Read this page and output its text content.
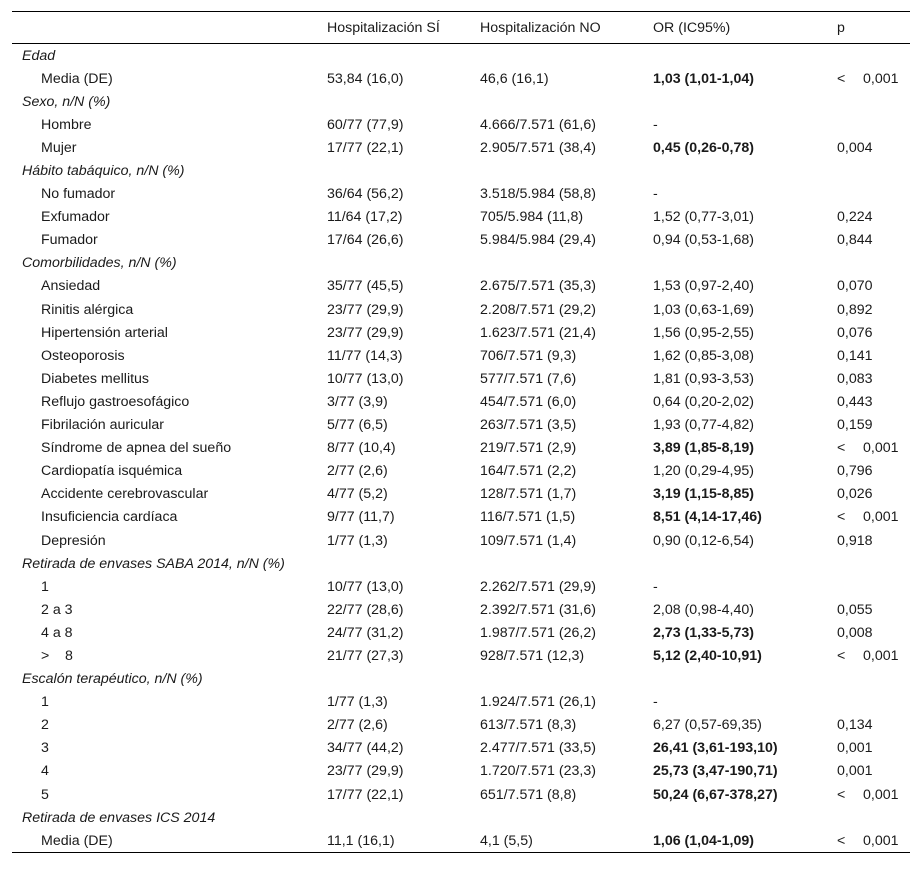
	Hospitalización SÍ	Hospitalización NO	OR (IC95%)	p
Edad				
Media (DE)	53,84 (16,0)	46,6 (16,1)	1,03 (1,01-1,04)	< 0,001
Sexo, n/N (%)				
Hombre	60/77 (77,9)	4.666/7.571 (61,6)	-	
Mujer	17/77 (22,1)	2.905/7.571 (38,4)	0,45 (0,26-0,78)	0,004
Hábito tabáquico, n/N (%)				
No fumador	36/64 (56,2)	3.518/5.984 (58,8)	-	
Exfumador	11/64 (17,2)	705/5.984 (11,8)	1,52 (0,77-3,01)	0,224
Fumador	17/64 (26,6)	5.984/5.984 (29,4)	0,94 (0,53-1,68)	0,844
Comorbilidades, n/N (%)				
Ansiedad	35/77 (45,5)	2.675/7.571 (35,3)	1,53 (0,97-2,40)	0,070
Rinitis alérgica	23/77 (29,9)	2.208/7.571 (29,2)	1,03 (0,63-1,69)	0,892
Hipertensión arterial	23/77 (29,9)	1.623/7.571 (21,4)	1,56 (0,95-2,55)	0,076
Osteoporosis	11/77 (14,3)	706/7.571 (9,3)	1,62 (0,85-3,08)	0,141
Diabetes mellitus	10/77 (13,0)	577/7.571 (7,6)	1,81 (0,93-3,53)	0,083
Reflujo gastroesofágico	3/77 (3,9)	454/7.571 (6,0)	0,64 (0,20-2,02)	0,443
Fibrilación auricular	5/77 (6,5)	263/7.571 (3,5)	1,93 (0,77-4,82)	0,159
Síndrome de apnea del sueño	8/77 (10,4)	219/7.571 (2,9)	3,89 (1,85-8,19)	< 0,001
Cardiopatía isquémica	2/77 (2,6)	164/7.571 (2,2)	1,20 (0,29-4,95)	0,796
Accidente cerebrovascular	4/77 (5,2)	128/7.571 (1,7)	3,19 (1,15-8,85)	0,026
Insuficiencia cardíaca	9/77 (11,7)	116/7.571 (1,5)	8,51 (4,14-17,46)	< 0,001
Depresión	1/77 (1,3)	109/7.571 (1,4)	0,90 (0,12-6,54)	0,918
Retirada de envases SABA 2014, n/N (%)				
1	10/77 (13,0)	2.262/7.571 (29,9)	-	
2 a 3	22/77 (28,6)	2.392/7.571 (31,6)	2,08 (0,98-4,40)	0,055
4 a 8	24/77 (31,2)	1.987/7.571 (26,2)	2,73 (1,33-5,73)	0,008
>    8	21/77 (27,3)	928/7.571 (12,3)	5,12 (2,40-10,91)	< 0,001
Escalón terapéutico, n/N (%)				
1	1/77 (1,3)	1.924/7.571 (26,1)	-	
2	2/77 (2,6)	613/7.571 (8,3)	6,27 (0,57-69,35)	0,134
3	34/77 (44,2)	2.477/7.571 (33,5)	26,41 (3,61-193,10)	0,001
4	23/77 (29,9)	1.720/7.571 (23,3)	25,73 (3,47-190,71)	0,001
5	17/77 (22,1)	651/7.571 (8,8)	50,24 (6,67-378,27)	< 0,001
Retirada de envases ICS 2014				
Media (DE)	11,1 (16,1)	4,1 (5,5)	1,06 (1,04-1,09)	< 0,001
